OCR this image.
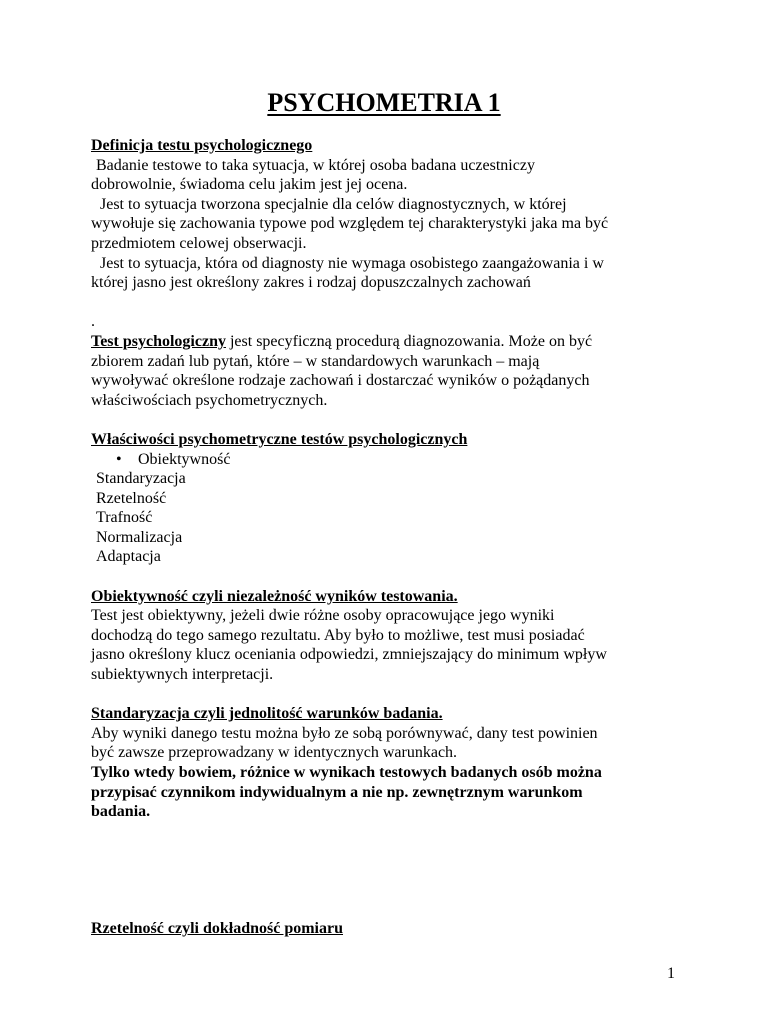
PSYCHOMETRIA 1

Definicja testu psychologicznego

Badanie testowe to taka sytuacja, w której osoba badana uczestniczy

dobrowolnie, świadoma celu jakim jest jej ocena.

Jest to sytuacja tworzona specjalnie dla celów diagnostycznych, w której

wywołuje się zachowania typowe pod względem tej charakterystyki jaka ma być

przedmiotem celowej obserwacji.

Jest to sytuacja, która od diagnosty nie wymaga osobistego zaangażowania i w

której jasno jest określony zakres i rodzaj dopuszczalnych zachowań

.

Test psychologiczny jest specyficzną procedurą diagnozowania. Może on być

zbiorem zadań lub pytań, które – w standardowych warunkach – mają

wywoływać określone rodzaje zachowań i dostarczać wyników o pożądanych

właściwościach psychometrycznych.

Właściwości psychometryczne testów psychologicznych

• Obiektywność

Standaryzacja

Rzetelność

Trafność

Normalizacja

Adaptacja

Obiektywność czyli niezależność wyników testowania.

Test jest obiektywny, jeżeli dwie różne osoby opracowujące jego wyniki

dochodzą do tego samego rezultatu. Aby było to możliwe, test musi posiadać

jasno określony klucz oceniania odpowiedzi, zmniejszający do minimum wpływ

subiektywnych interpretacji.

Standaryzacja czyli jednolitość warunków badania.

Aby wyniki danego testu można było ze sobą porównywać, dany test powinien

być zawsze przeprowadzany w identycznych warunkach.

Tylko wtedy bowiem, różnice w wynikach testowych badanych osób można

przypisać czynnikom indywidualnym a nie np. zewnętrznym warunkom

badania.

Rzetelność czyli dokładność pomiaru

1
